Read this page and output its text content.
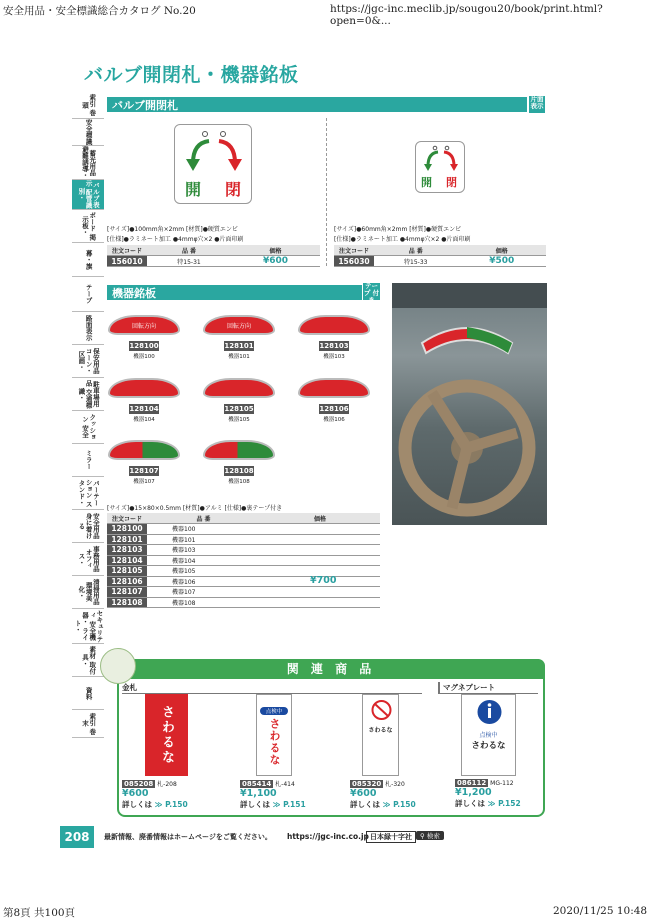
安全用品・安全標識総合カタログ No.20	https://jgc-inc.meclib.jp/sougou20/book/print.html?open=0&...
索引 巻頭
安全標識
蓄光用品 避難誘導・
バルブ表示 配管識別・
ボード 掲示板・
幕・旗
テープ
路面表示
保安用品 コーン・区画・
駐車場用品 交通標識・
クッション 安全
ミラー
パーテーション スタンド・
安全用品 身に着ける
事務用品 オフィス・
清掃用品 環境美化・
セキュリティ 安全機器・ ライト・
素材 取付具・
資料
索引 巻末
バルブ開閉札・機器銘板
バルブ開閉札	片面 表示
開 閉	開 閉
[サイズ]●100mm角×2mm [材質]●硬質エンビ
[仕様]●ラミネート加工 ●4mmφ穴×2 ●片面印刷
注文コード	品 番	価格
156010	特15-31	¥600
[サイズ]●60mm角×2mm [材質]●硬質エンビ
[仕様]●ラミネート加工 ●4mmφ穴×2 ●片面印刷
注文コード	品 番	価格
156030	特15-33	¥500
機器銘板
テープ 付き
回転方向
128100
機器100
回転方向
128101
機器101
128103
機器103
128104
機器104
128105
機器105
128106
機器106
128107
機器107
128108
機器108
[サイズ]●15×80×0.5mm [材質]●アルミ [仕様]●裏テープ付き
注文コード	品 番	価格
128100	機器100	
128101	機器101	
128103	機器103	
128104	機器104	
128105	機器105	
128106	機器106	
128107	機器107	
128108	機器108	
¥700
関 連 商 品
金札	マグネプレート
さわるな	点検中
さわるな	さわるな
点検中
さわるな
085208 札-208
¥600
詳しくは ≫ P.150
085414 札-414
¥1,100
詳しくは ≫ P.151
085320 札-320
¥600
詳しくは ≫ P.150
086112 MG-112
¥1,200
詳しくは ≫ P.152
208	最新情報、廃番情報はホームページをご覧ください。 https://jgc-inc.co.jp 日本緑十字社	⚲ 検索
第8頁 共100頁	2020/11/25 10:48
